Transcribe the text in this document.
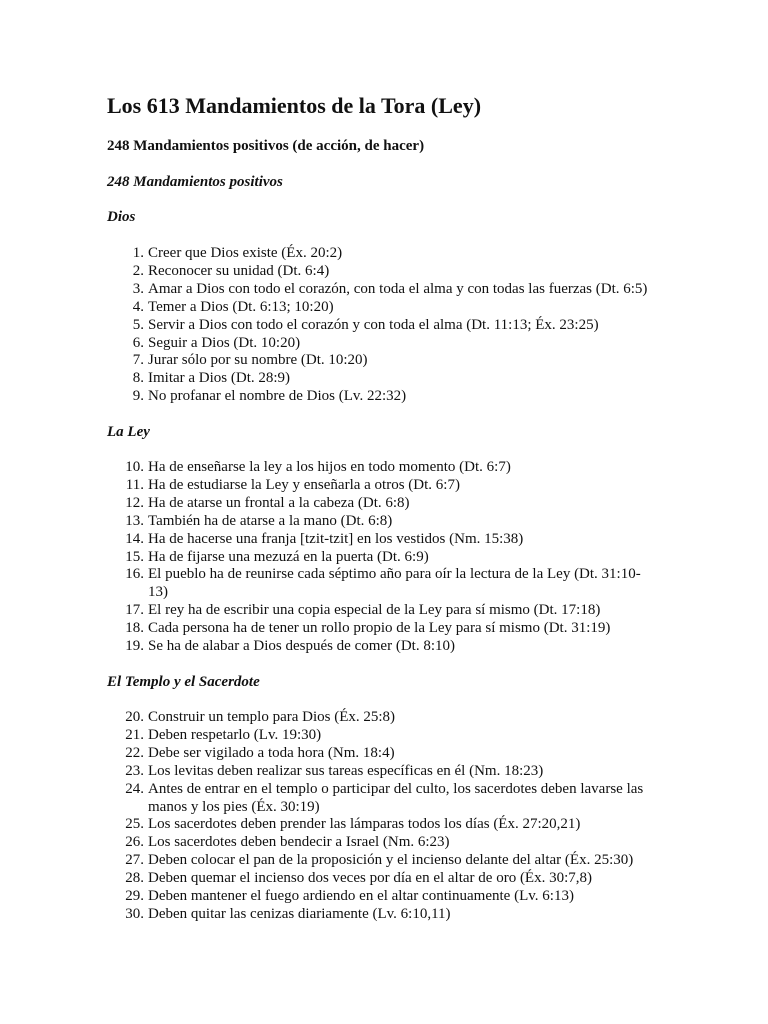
Los 613 Mandamientos de la Tora (Ley)

248 Mandamientos positivos (de acción, de hacer)

248 Mandamientos positivos

Dios

1. Creer que Dios existe (Éx. 20:2)
2. Reconocer su unidad (Dt. 6:4)
3. Amar a Dios con todo el corazón, con toda el alma y con todas las fuerzas (Dt. 6:5)
4. Temer a Dios (Dt. 6:13; 10:20)
5. Servir a Dios con todo el corazón y con toda el alma (Dt. 11:13; Éx. 23:25)
6. Seguir a Dios (Dt. 10:20)
7. Jurar sólo por su nombre (Dt. 10:20)
8. Imitar a Dios (Dt. 28:9)
9. No profanar el nombre de Dios (Lv. 22:32)

La Ley

10. Ha de enseñarse la ley a los hijos en todo momento (Dt. 6:7)
11. Ha de estudiarse la Ley y enseñarla a otros (Dt. 6:7)
12. Ha de atarse un frontal a la cabeza (Dt. 6:8)
13. También ha de atarse a la mano (Dt. 6:8)
14. Ha de hacerse una franja [tzit-tzit] en los vestidos (Nm. 15:38)
15. Ha de fijarse una mezuzá en la puerta (Dt. 6:9)
16. El pueblo ha de reunirse cada séptimo año para oír la lectura de la Ley (Dt. 31:10-13)
17. El rey ha de escribir una copia especial de la Ley para sí mismo (Dt. 17:18)
18. Cada persona ha de tener un rollo propio de la Ley para sí mismo (Dt. 31:19)
19. Se ha de alabar a Dios después de comer (Dt. 8:10)

El Templo y el Sacerdote

20. Construir un templo para Dios (Éx. 25:8)
21. Deben respetarlo (Lv. 19:30)
22. Debe ser vigilado a toda hora (Nm. 18:4)
23. Los levitas deben realizar sus tareas específicas en él (Nm. 18:23)
24. Antes de entrar en el templo o participar del culto, los sacerdotes deben lavarse las manos y los pies (Éx. 30:19)
25. Los sacerdotes deben prender las lámparas todos los días (Éx. 27:20,21)
26. Los sacerdotes deben bendecir a Israel (Nm. 6:23)
27. Deben colocar el pan de la proposición y el incienso delante del altar (Éx. 25:30)
28. Deben quemar el incienso dos veces por día en el altar de oro (Éx. 30:7,8)
29. Deben mantener el fuego ardiendo en el altar continuamente (Lv. 6:13)
30. Deben quitar las cenizas diariamente (Lv. 6:10,11)
